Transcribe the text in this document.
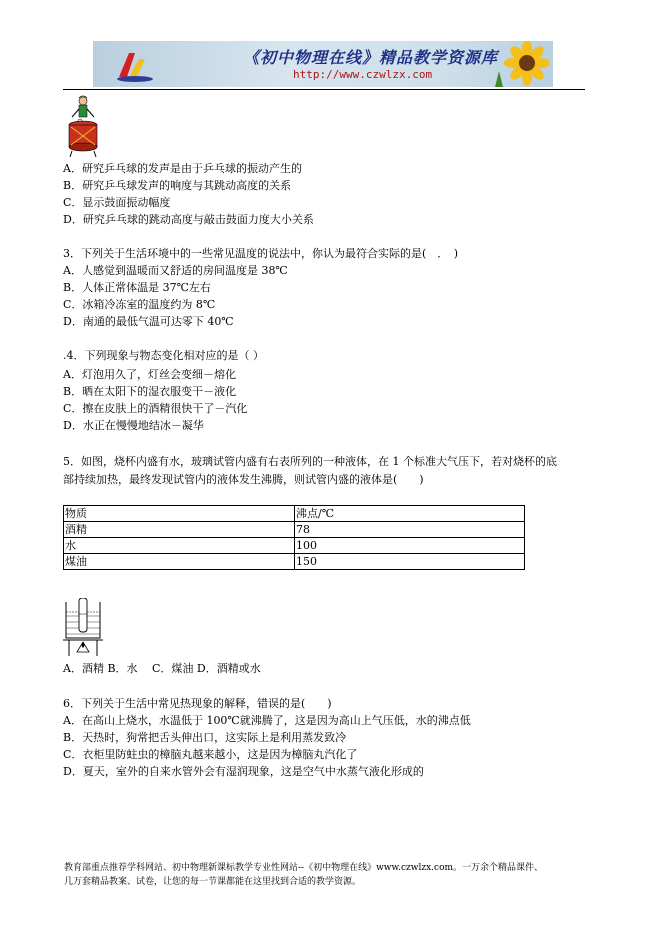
《初中物理在线》精品教学资源库
http://www.czwlzx.com
A．研究乒乓球的发声是由于乒乓球的振动产生的
B．研究乒乓球发声的响度与其跳动高度的关系
C．显示鼓面振动幅度
D．研究乒乓球的跳动高度与敲击鼓面力度大小关系
3．下列关于生活环境中的一些常见温度的说法中，你认为最符合实际的是(　．　)
A．人感觉到温暖而又舒适的房间温度是 38℃
B．人体正常体温是 37℃左右
C．冰箱冷冻室的温度约为 8℃
D．南通的最低气温可达零下 40℃
.4．下列现象与物态变化相对应的是（ ）
A．灯泡用久了，灯丝会变细－熔化
B．晒在太阳下的湿衣服变干－液化
C．擦在皮肤上的酒精很快干了－汽化
D．水正在慢慢地结冰－凝华
5．如图，烧杯内盛有水，玻璃试管内盛有右表所列的一种液体，在 1 个标准大气压下，若对烧杯的底
部持续加热，最终发现试管内的液体发生沸腾，则试管内盛的液体是(　　)
物质	沸点/℃
酒精	78
水	100
煤油	150
A．酒精 B．水　 C．煤油 D．酒精或水
6．下列关于生活中常见热现象的解释，错误的是(　　)
A．在高山上烧水，水温低于 100℃就沸腾了，这是因为高山上气压低，水的沸点低
B．天热时，狗常把舌头伸出口，这实际上是利用蒸发致冷
C．衣柜里防蛀虫的樟脑丸越来越小，这是因为樟脑丸汽化了
D．夏天，室外的自来水管外会有湿润现象，这是空气中水蒸气液化形成的
教育部重点推荐学科网站、初中物理新课标教学专业性网站--《初中物理在线》www.czwlzx.com。一万余个精品课件、
几万套精品教案、试卷，让您的每一节课都能在这里找到合适的教学资源。
